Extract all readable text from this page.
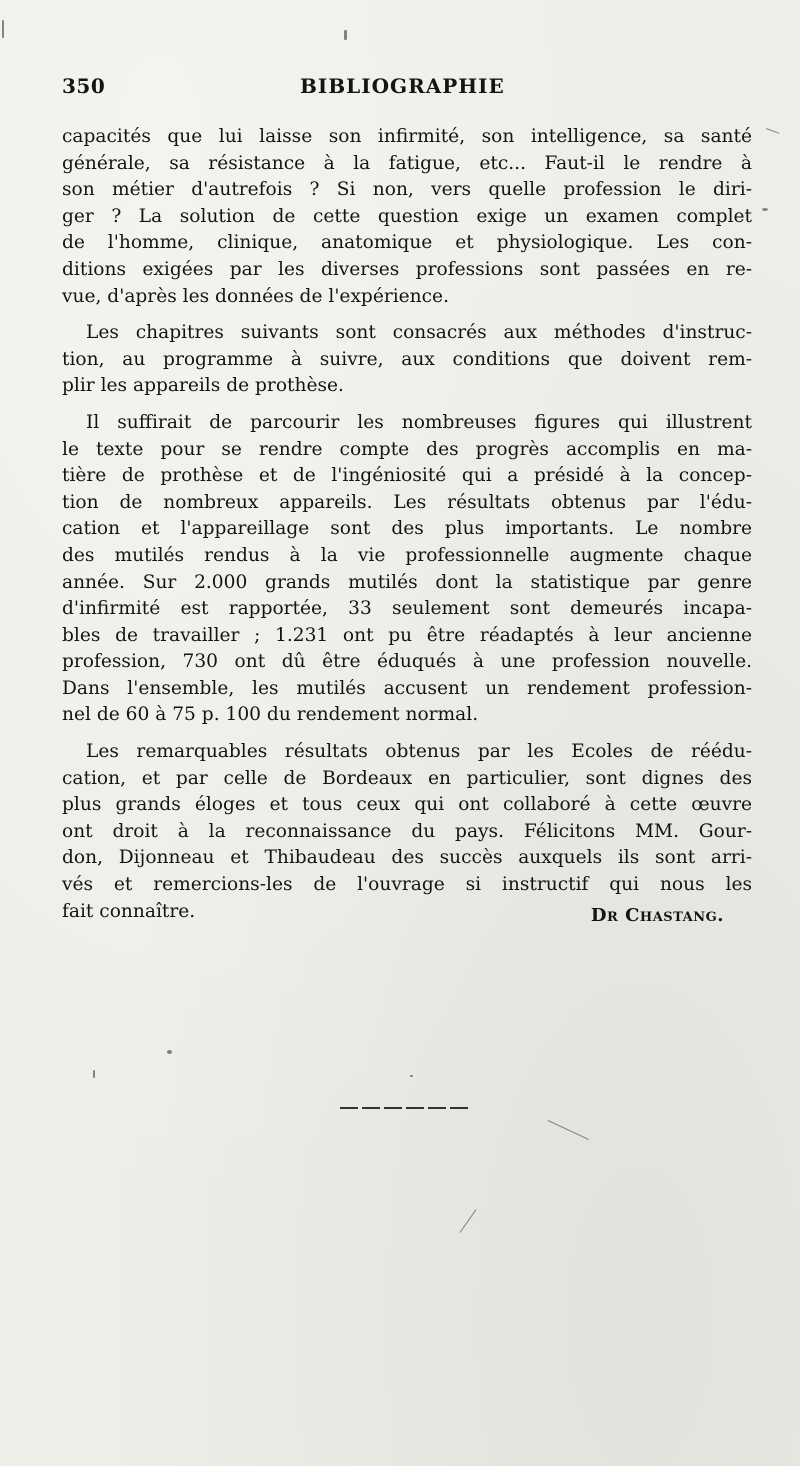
350	BIBLIOGRAPHIE
capacités que lui laisse son infirmité, son intelligence, sa santé
générale, sa résistance à la fatigue, etc... Faut-il le rendre à
son métier d'autrefois ? Si non, vers quelle profession le diri-
ger ? La solution de cette question exige un examen complet
de l'homme, clinique, anatomique et physiologique. Les con-
ditions exigées par les diverses professions sont passées en re-
vue, d'après les données de l'expérience.
Les chapitres suivants sont consacrés aux méthodes d'instruc-
tion, au programme à suivre, aux conditions que doivent rem-
plir les appareils de prothèse.
Il suffirait de parcourir les nombreuses figures qui illustrent
le texte pour se rendre compte des progrès accomplis en ma-
tière de prothèse et de l'ingéniosité qui a présidé à la concep-
tion de nombreux appareils. Les résultats obtenus par l'édu-
cation et l'appareillage sont des plus importants. Le nombre
des mutilés rendus à la vie professionnelle augmente chaque
année. Sur 2.000 grands mutilés dont la statistique par genre
d'infirmité est rapportée, 33 seulement sont demeurés incapa-
bles de travailler ; 1.231 ont pu être réadaptés à leur ancienne
profession, 730 ont dû être éduqués à une profession nouvelle.
Dans l'ensemble, les mutilés accusent un rendement profession-
nel de 60 à 75 p. 100 du rendement normal.
Les remarquables résultats obtenus par les Ecoles de réédu-
cation, et par celle de Bordeaux en particulier, sont dignes des
plus grands éloges et tous ceux qui ont collaboré à cette œuvre
ont droit à la reconnaissance du pays. Félicitons MM. Gour-
don, Dijonneau et Thibaudeau des succès auxquels ils sont arri-
vés et remercions-les de l'ouvrage si instructif qui nous les
fait connaître.	Dr Chastang.
